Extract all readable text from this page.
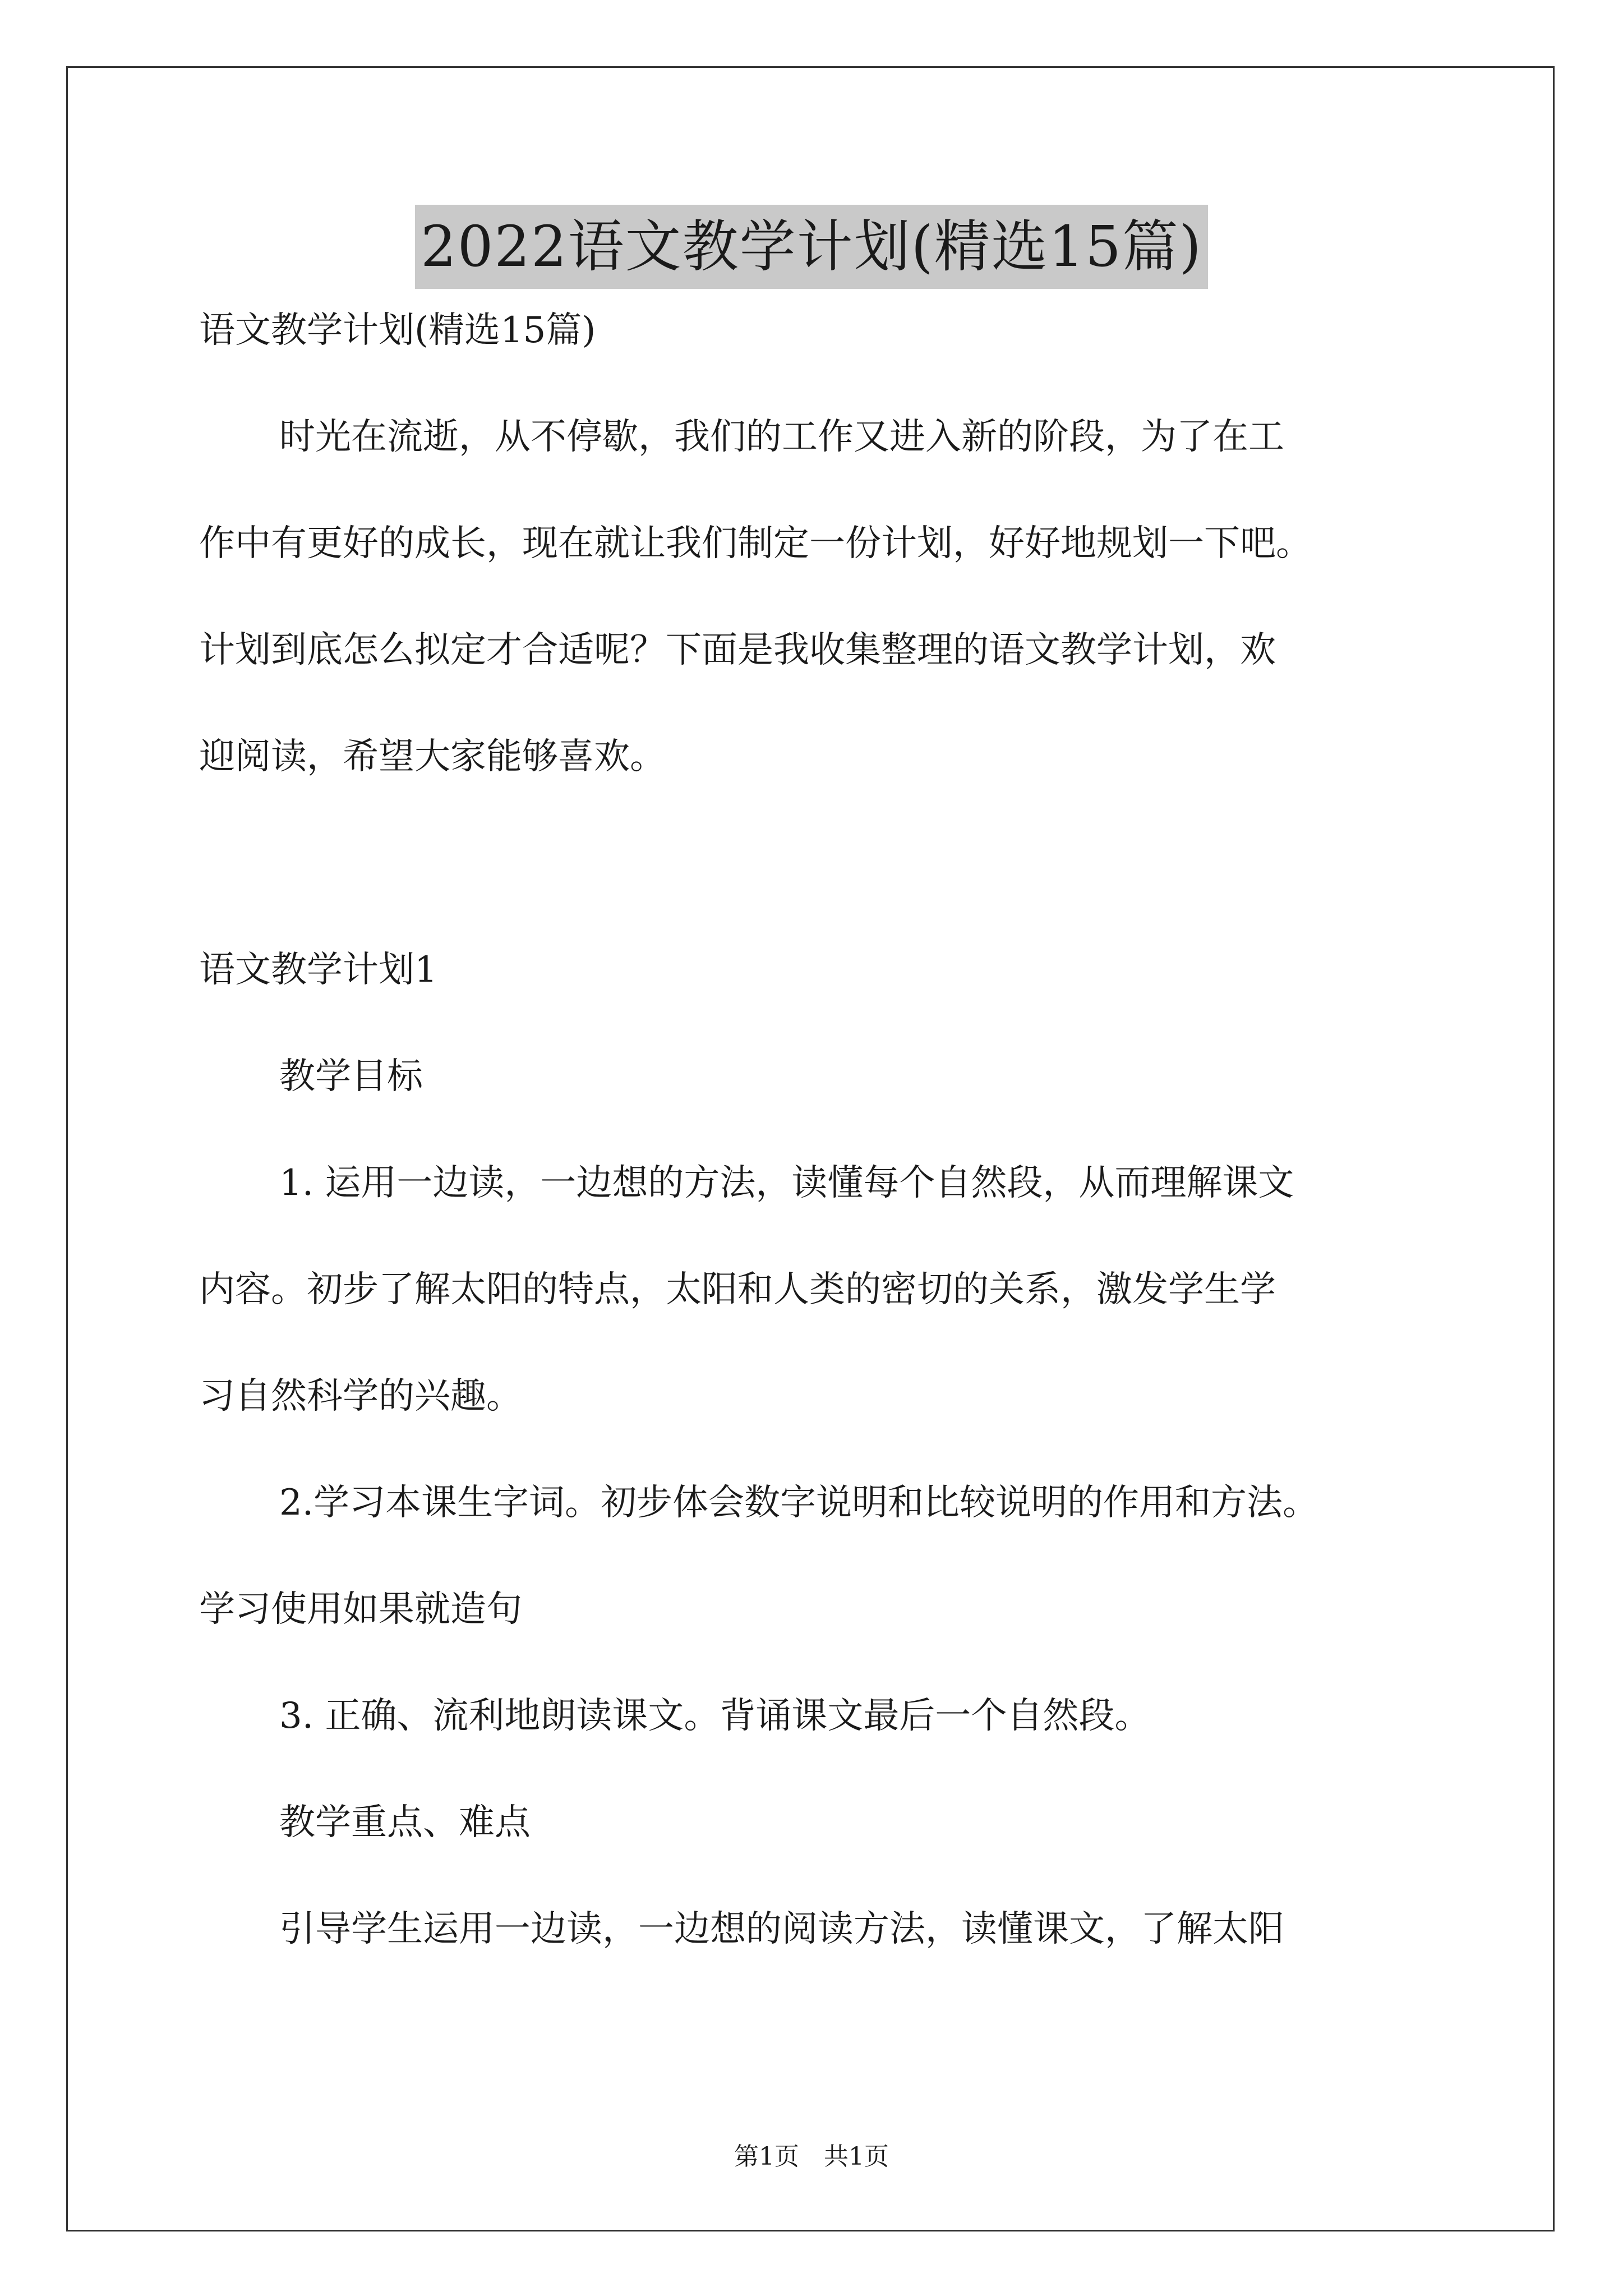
2022语文教学计划(精选15篇)
语文教学计划(精选15篇)
时光在流逝，从不停歇，我们的工作又进入新的阶段，为了在工
作中有更好的成长，现在就让我们制定一份计划，好好地规划一下吧。
计划到底怎么拟定才合适呢？下面是我收集整理的语文教学计划，欢
迎阅读，希望大家能够喜欢。
语文教学计划1
教学目标
1. 运用一边读，一边想的方法，读懂每个自然段，从而理解课文
内容。初步了解太阳的特点，太阳和人类的密切的关系，激发学生学
习自然科学的兴趣。
2.学习本课生字词。初步体会数字说明和比较说明的作用和方法。
学习使用如果就造句
3. 正确、流利地朗读课文。背诵课文最后一个自然段。
教学重点、难点
引导学生运用一边读，一边想的阅读方法，读懂课文，了解太阳
第1页　共1页
